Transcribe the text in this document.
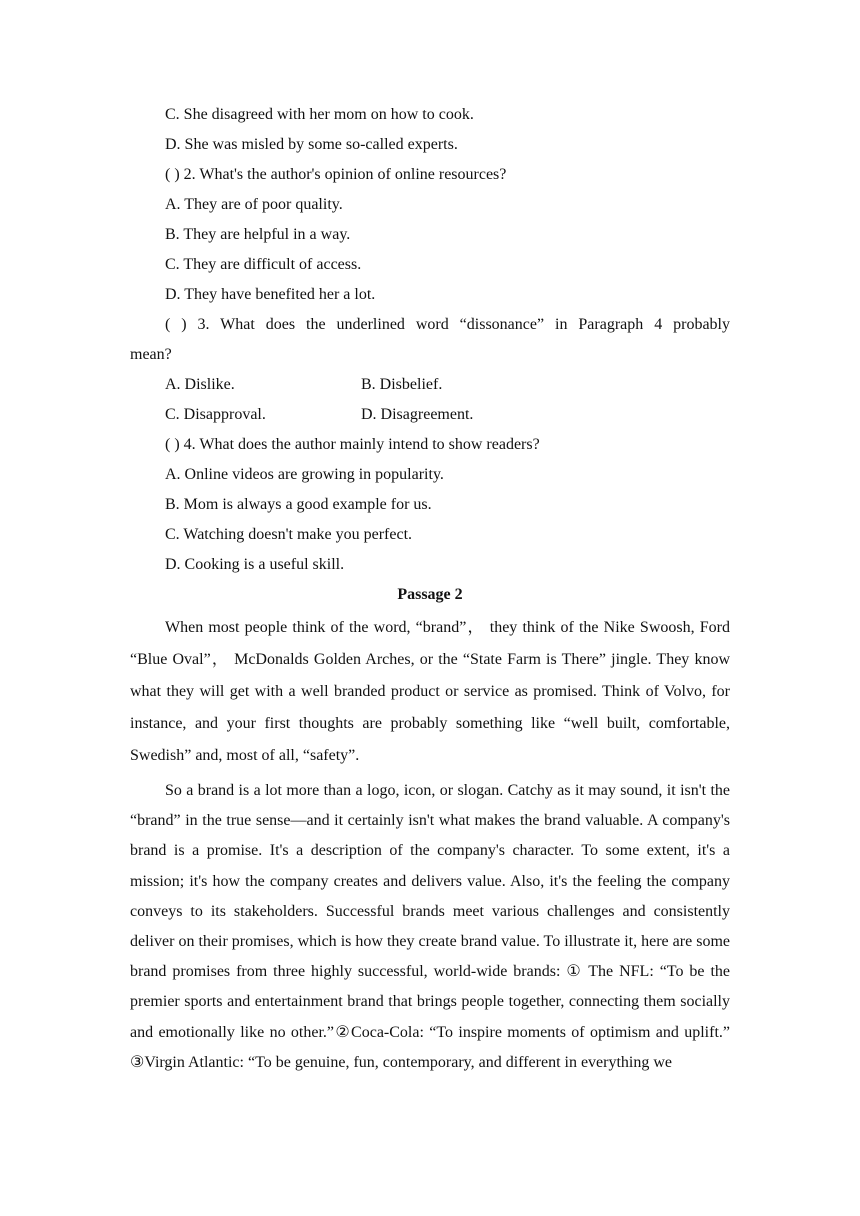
C. She disagreed with her mom on how to cook.
D. She was misled by some so-called experts.
( ) 2. What's the author's opinion of online resources?
A. They are of poor quality.
B. They are helpful in a way.
C. They are difficult of access.
D. They have benefited her a lot.
( ) 3. What does the underlined word “dissonance” in Paragraph 4 probably
mean?
A. Dislike.	B. Disbelief.
C. Disapproval.	D. Disagreement.
( ) 4. What does the author mainly intend to show readers?
A. Online videos are growing in popularity.
B. Mom is always a good example for us.
C. Watching doesn't make you perfect.
D. Cooking is a useful skill.
Passage 2
When most people think of the word, “brand”， they think of the Nike Swoosh, Ford “Blue Oval”， McDonalds Golden Arches, or the “State Farm is There” jingle. They know what they will get with a well branded product or service as promised. Think of Volvo, for instance, and your first thoughts are probably something like “well built, comfortable, Swedish” and, most of all, “safety”.
So a brand is a lot more than a logo, icon, or slogan. Catchy as it may sound, it isn't the “brand” in the true sense—and it certainly isn't what makes the brand valuable. A company's brand is a promise. It's a description of the company's character. To some extent, it's a mission; it's how the company creates and delivers value. Also, it's the feeling the company conveys to its stakeholders. Successful brands meet various challenges and consistently deliver on their promises, which is how they create brand value. To illustrate it, here are some brand promises from three highly successful, world-wide brands: ① The NFL: “To be the premier sports and entertainment brand that brings people together, connecting them socially and emotionally like no other.”②Coca-Cola: “To inspire moments of optimism and uplift.” ③Virgin Atlantic: “To be genuine, fun, contemporary, and different in everything we
